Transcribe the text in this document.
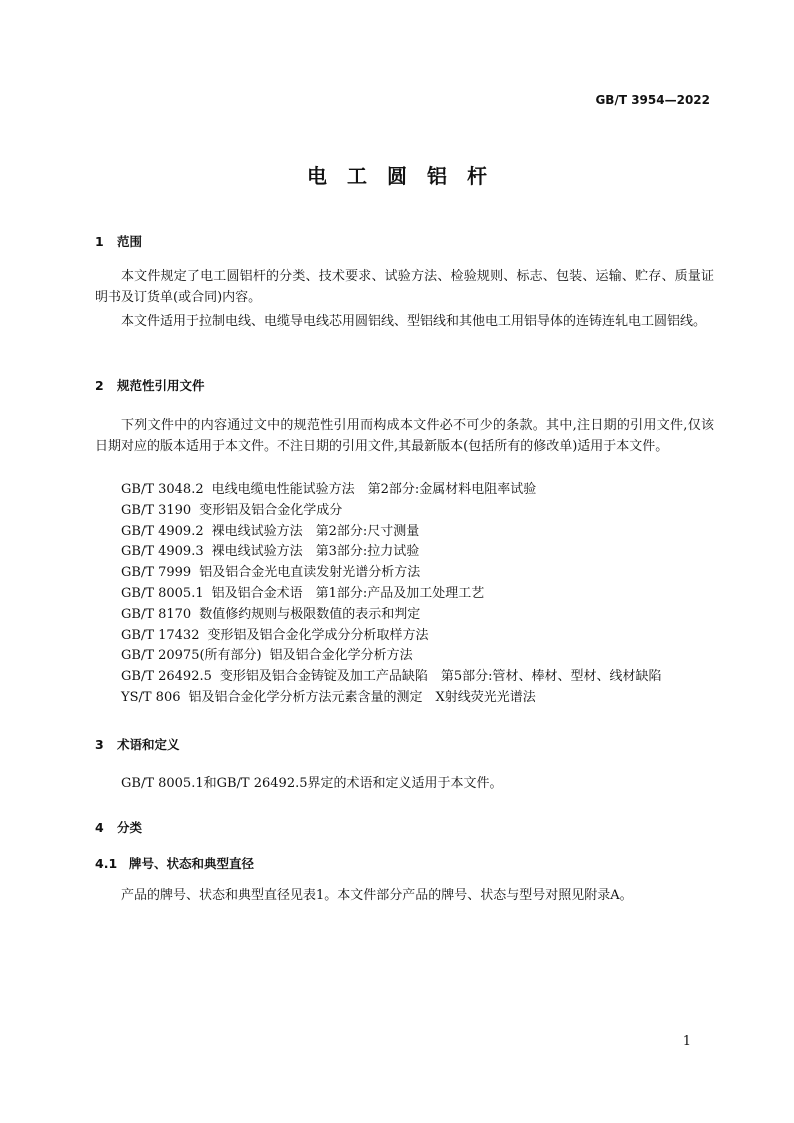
GB/T 3954—2022
电工圆铝杆
1 范围

本文件规定了电工圆铝杆的分类、技术要求、试验方法、检验规则、标志、包装、运输、贮存、质量证明书及订货单(或合同)内容。

本文件适用于拉制电线、电缆导电线芯用圆铝线、型铝线和其他电工用铝导体的连铸连轧电工圆铝线。

2 规范性引用文件

下列文件中的内容通过文中的规范性引用而构成本文件必不可少的条款。其中,注日期的引用文件,仅该日期对应的版本适用于本文件。不注日期的引用文件,其最新版本(包括所有的修改单)适用于本文件。

GB/T 3048.2 电线电缆电性能试验方法　第2部分:金属材料电阻率试验
GB/T 3190 变形铝及铝合金化学成分
GB/T 4909.2 裸电线试验方法　第2部分:尺寸测量
GB/T 4909.3 裸电线试验方法　第3部分:拉力试验
GB/T 7999 铝及铝合金光电直读发射光谱分析方法
GB/T 8005.1 铝及铝合金术语　第1部分:产品及加工处理工艺
GB/T 8170 数值修约规则与极限数值的表示和判定
GB/T 17432 变形铝及铝合金化学成分分析取样方法
GB/T 20975(所有部分) 铝及铝合金化学分析方法
GB/T 26492.5 变形铝及铝合金铸锭及加工产品缺陷　第5部分:管材、棒材、型材、线材缺陷
YS/T 806 铝及铝合金化学分析方法元素含量的测定　X射线荧光光谱法
3 术语和定义

GB/T 8005.1和GB/T 26492.5界定的术语和定义适用于本文件。

4 分类
4.1 牌号、状态和典型直径

产品的牌号、状态和典型直径见表1。本文件部分产品的牌号、状态与型号对照见附录A。

1
